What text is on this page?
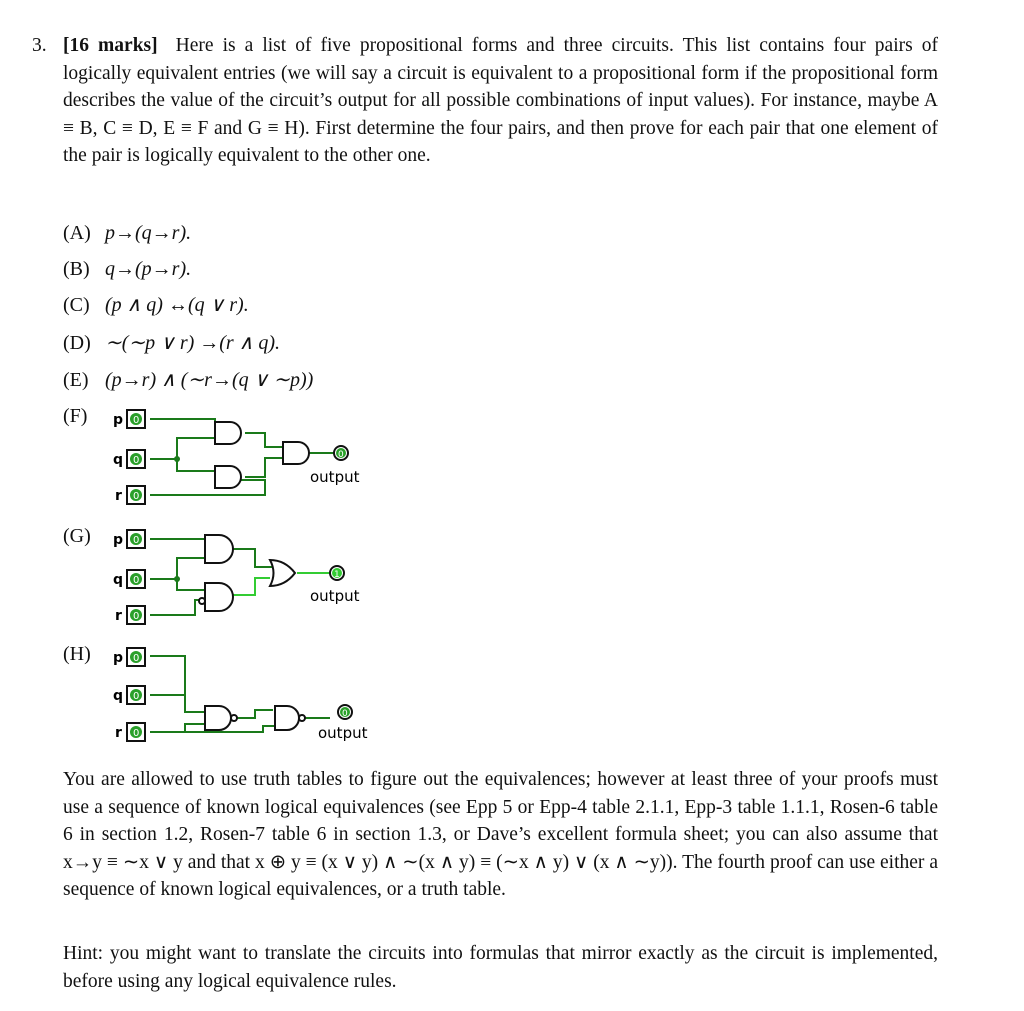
3. [16 marks] Here is a list of five propositional forms and three circuits. This list contains four pairs of logically equivalent entries (we will say a circuit is equivalent to a propositional form if the propositional form describes the value of the circuit’s output for all possible combinations of input values). For instance, maybe A ≡ B, C ≡ D, E ≡ F and G ≡ H). First determine the four pairs, and then prove for each pair that one element of the pair is logically equivalent to the other one.
(A) p→(q→r).
(B) q→(p→r).
(C) (p ∧ q) ↔(q ∨ r).
(D) ∼(∼p ∨ r) →(r ∧ q).
(E) (p→r) ∧ (∼r→(q ∨ ∼p))
(F) p 0
q 0
r 0
0
output
(G) p 0
q 0
r 0
1
output
(H) p 0
q 0
r 0
0
output
You are allowed to use truth tables to figure out the equivalences; however at least three of your proofs must use a sequence of known logical equivalences (see Epp 5 or Epp-4 table 2.1.1, Epp-3 table 1.1.1, Rosen-6 table 6 in section 1.2, Rosen-7 table 6 in section 1.3, or Dave’s excellent formula sheet; you can also assume that x→y ≡ ∼x ∨ y and that x ⊕ y ≡ (x ∨ y) ∧ ∼(x ∧ y) ≡ (∼x ∧ y) ∨ (x ∧ ∼y)). The fourth proof can use either a sequence of known logical equivalences, or a truth table.
Hint: you might want to translate the circuits into formulas that mirror exactly as the circuit is implemented, before using any logical equivalence rules.
